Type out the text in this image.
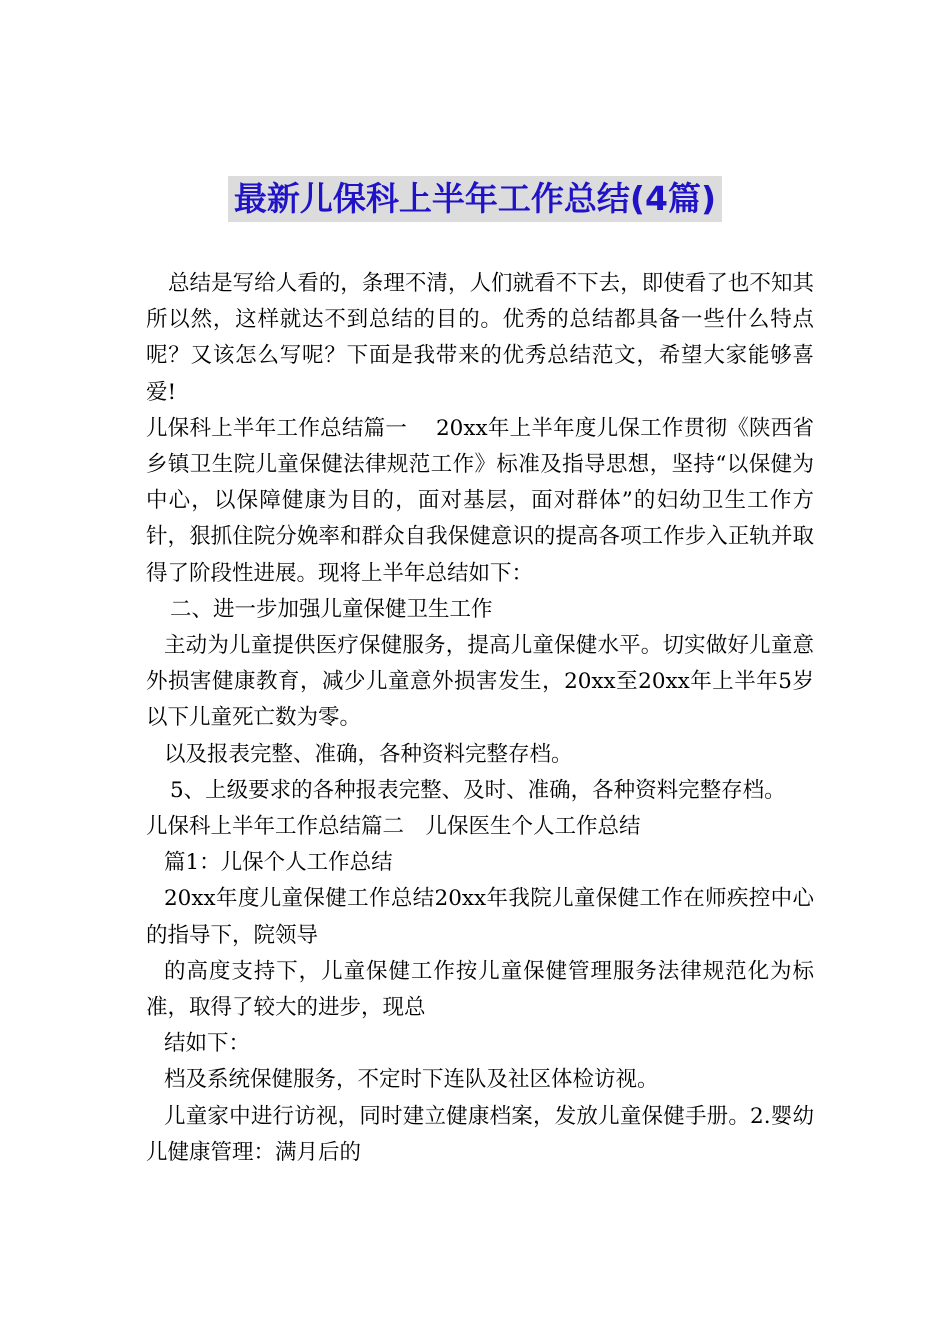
最新儿保科上半年工作总结(4篇)

总结是写给人看的，条理不清，人们就看不下去，即使看了也不知其所以然，这样就达不到总结的目的。优秀的总结都具备一些什么特点呢？又该怎么写呢？下面是我带来的优秀总结范文，希望大家能够喜爱!

儿保科上半年工作总结篇一　 20xx年上半年度儿保工作贯彻《陕西省乡镇卫生院儿童保健法律规范工作》标准及指导思想，坚持“以保健为中心，以保障健康为目的，面对基层，面对群体”的妇幼卫生工作方针，狠抓住院分娩率和群众自我保健意识的提高各项工作步入正轨并取得了阶段性进展。现将上半年总结如下：

二、进一步加强儿童保健卫生工作

主动为儿童提供医疗保健服务，提高儿童保健水平。切实做好儿童意外损害健康教育，减少儿童意外损害发生，20xx至20xx年上半年5岁以下儿童死亡数为零。

以及报表完整、准确，各种资料完整存档。

5、上级要求的各种报表完整、及时、准确，各种资料完整存档。

儿保科上半年工作总结篇二　儿保医生个人工作总结

篇1：儿保个人工作总结

20xx年度儿童保健工作总结20xx年我院儿童保健工作在师疾控中心的指导下，院领导

的高度支持下，儿童保健工作按儿童保健管理服务法律规范化为标准，取得了较大的进步，现总

结如下：

档及系统保健服务，不定时下连队及社区体检访视。

儿童家中进行访视，同时建立健康档案，发放儿童保健手册。2.婴幼儿健康管理：满月后的
